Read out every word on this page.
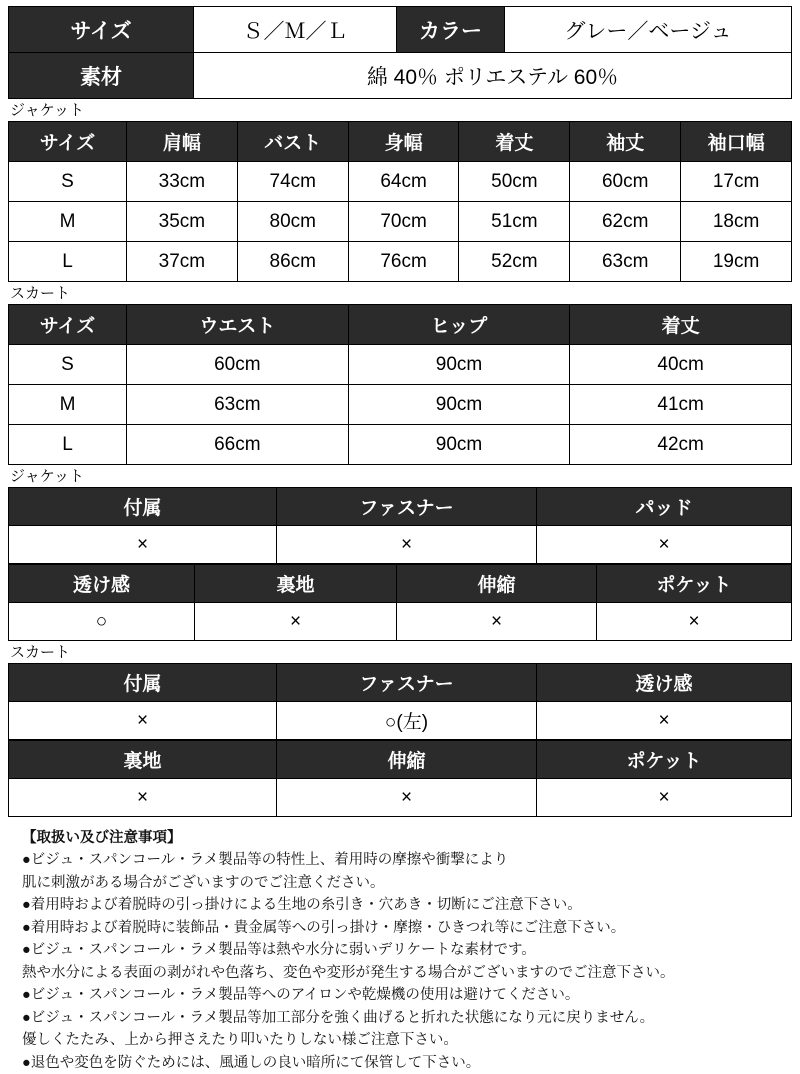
サイズ	Ｓ／Ｍ／Ｌ	カラー	グレー／ベージュ
素材	綿 40％ ポリエステル 60％		
ジャケット
サイズ	肩幅	バスト	身幅	着丈	袖丈	袖口幅
S	33cm	74cm	64cm	50cm	60cm	17cm
M	35cm	80cm	70cm	51cm	62cm	18cm
L	37cm	86cm	76cm	52cm	63cm	19cm
スカート
サイズ	ウエスト	ヒップ	着丈
S	60cm	90cm	40cm
M	63cm	90cm	41cm
L	66cm	90cm	42cm
ジャケット
付属	ファスナー	パッド
×	×	×
透け感	裏地	伸縮	ポケット
○	×	×	×
スカート
付属	ファスナー	透け感
×	○(左)	×
裏地	伸縮	ポケット
×	×	×
【取扱い及び注意事項】
●ビジュ・スパンコール・ラメ製品等の特性上、着用時の摩擦や衝撃により
肌に刺激がある場合がございますのでご注意ください。
●着用時および着脱時の引っ掛けによる生地の糸引き・穴あき・切断にご注意下さい。
●着用時および着脱時に装飾品・貴金属等への引っ掛け・摩擦・ひきつれ等にご注意下さい。
●ビジュ・スパンコール・ラメ製品等は熱や水分に弱いデリケートな素材です。
熱や水分による表面の剥がれや色落ち、変色や変形が発生する場合がございますのでご注意下さい。
●ビジュ・スパンコール・ラメ製品等へのアイロンや乾燥機の使用は避けてください。
●ビジュ・スパンコール・ラメ製品等加工部分を強く曲げると折れた状態になり元に戻りません。
優しくたたみ、上から押さえたり叩いたりしない様ご注意下さい。
●退色や変色を防ぐためには、風通しの良い暗所にて保管して下さい。
